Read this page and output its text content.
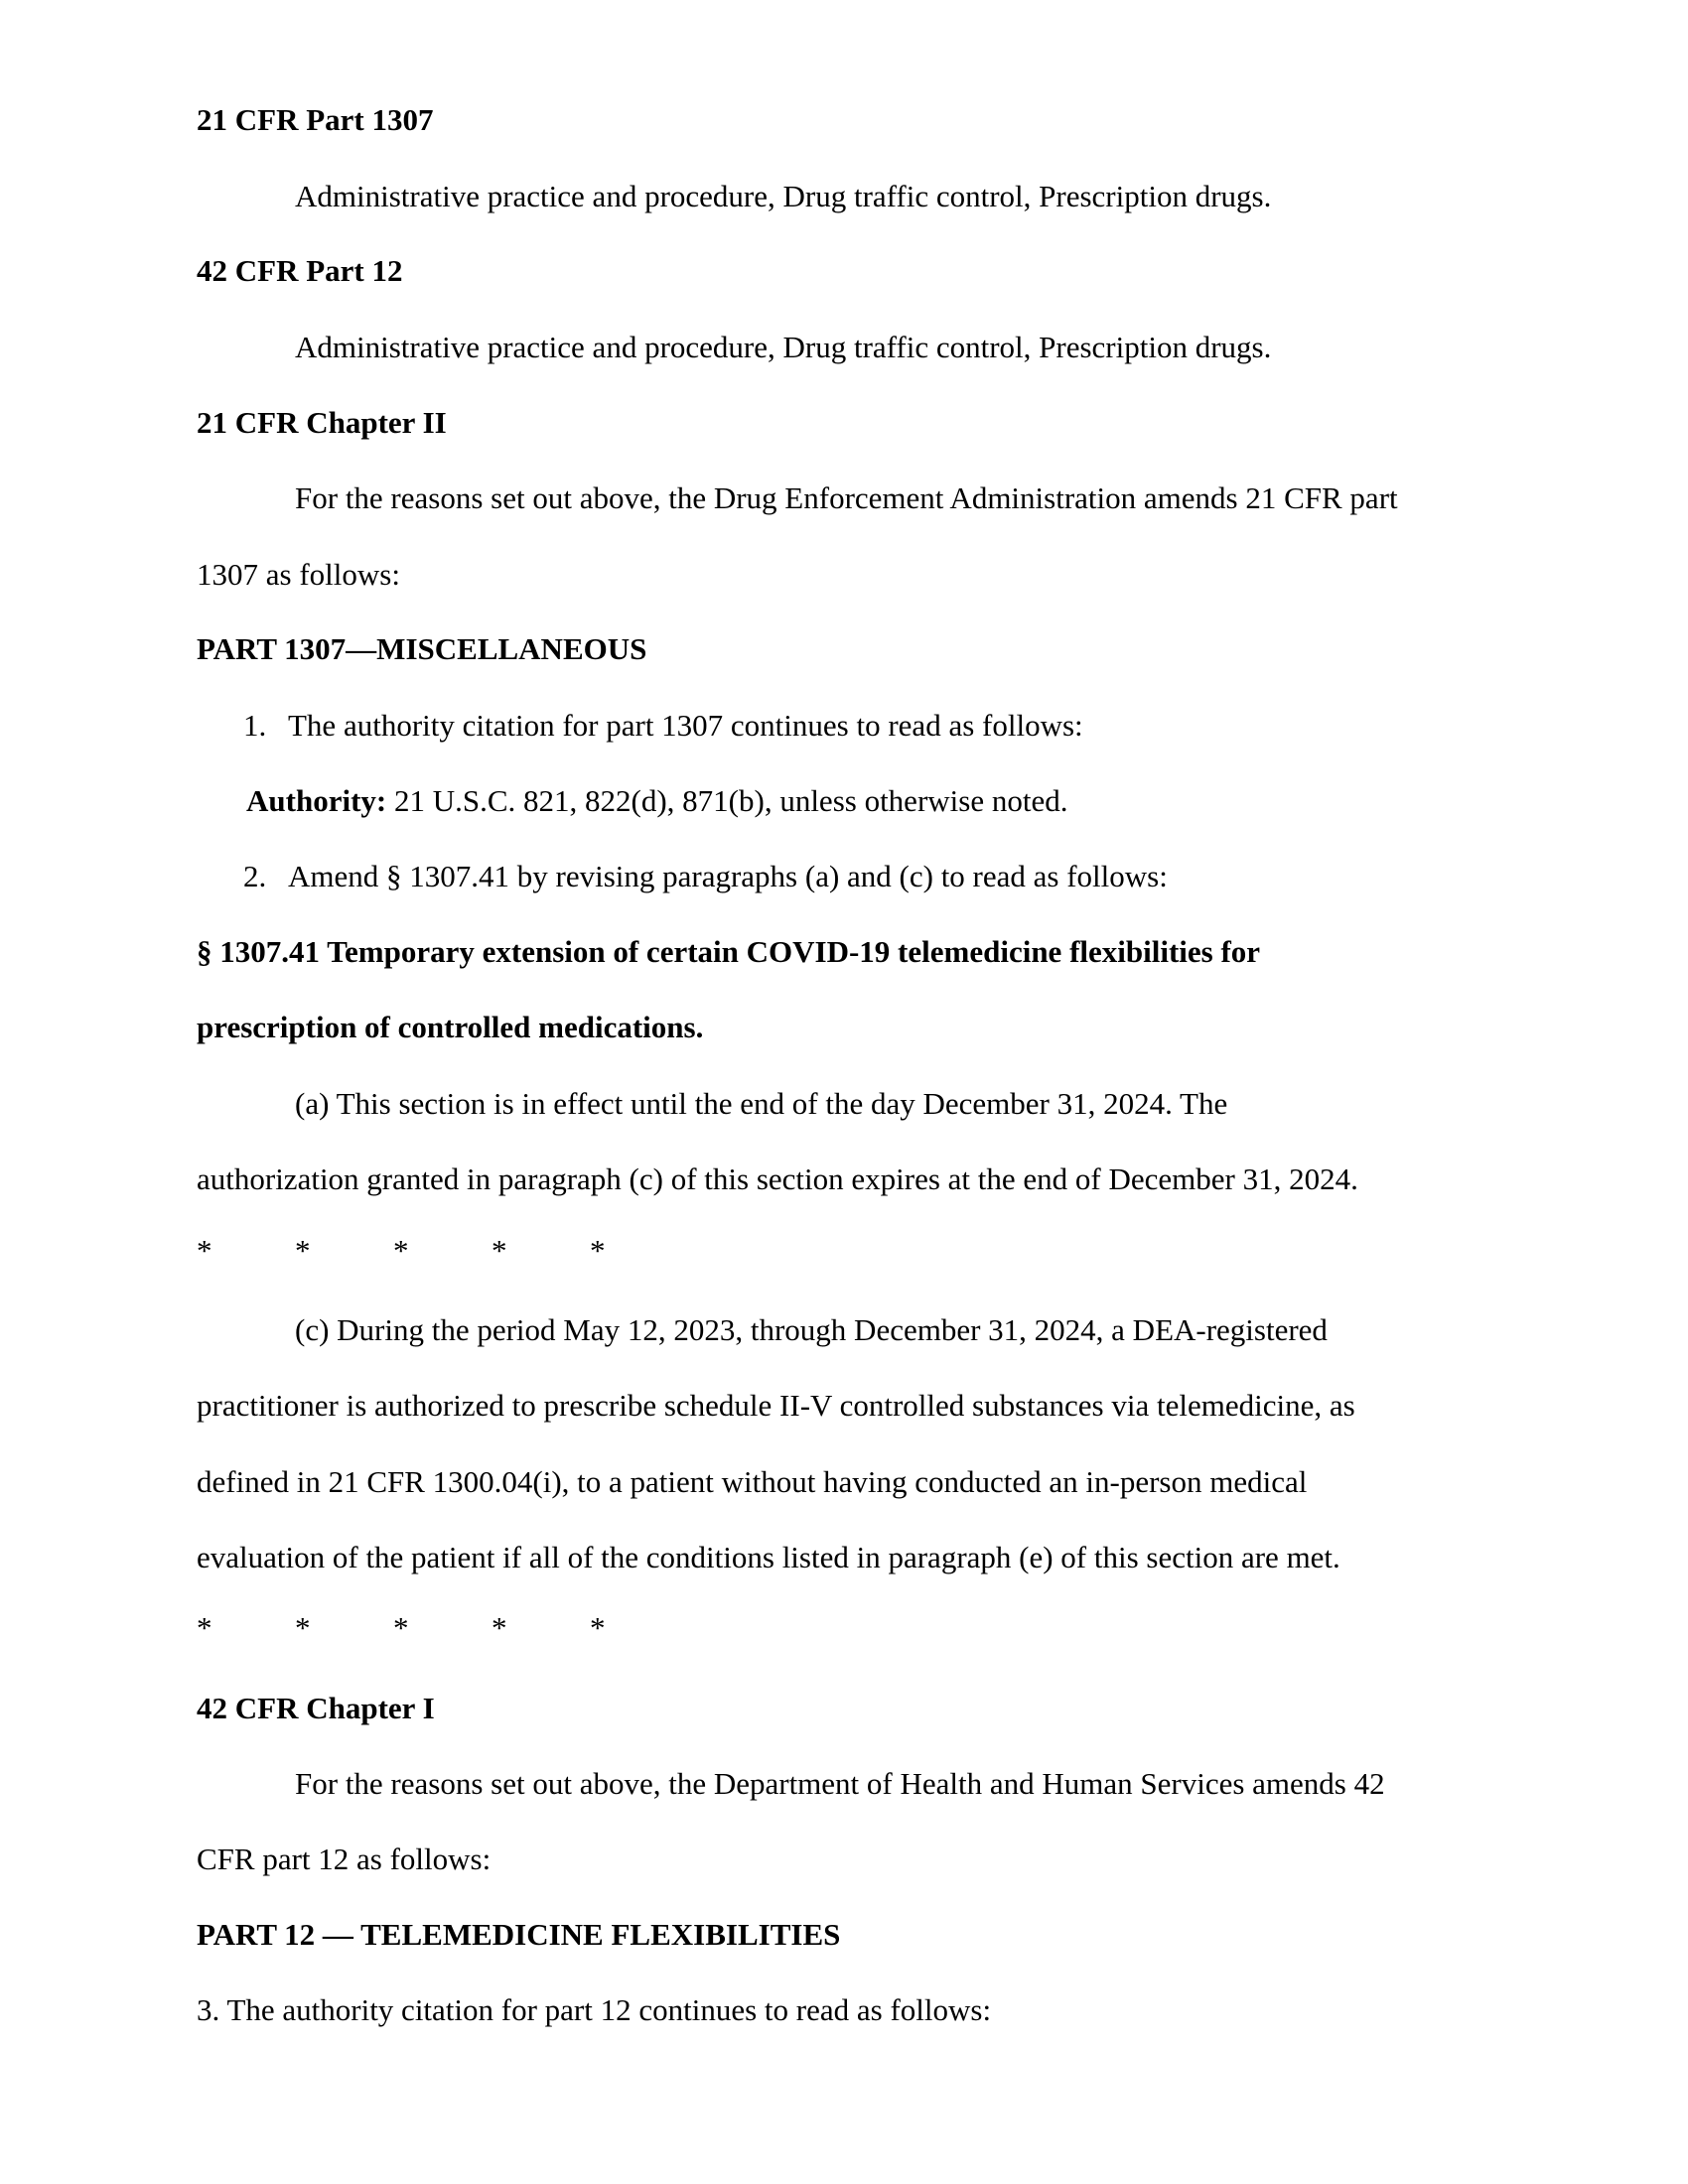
21 CFR Part 1307
Administrative practice and procedure, Drug traffic control, Prescription drugs.
42 CFR Part 12
Administrative practice and procedure, Drug traffic control, Prescription drugs.
21 CFR Chapter II
For the reasons set out above, the Drug Enforcement Administration amends 21 CFR part
1307 as follows:
PART 1307—MISCELLANEOUS
1. The authority citation for part 1307 continues to read as follows:
Authority: 21 U.S.C. 821, 822(d), 871(b), unless otherwise noted.
2. Amend § 1307.41 by revising paragraphs (a) and (c) to read as follows:
§ 1307.41 Temporary extension of certain COVID-19 telemedicine flexibilities for
prescription of controlled medications.
(a) This section is in effect until the end of the day December 31, 2024. The
authorization granted in paragraph (c) of this section expires at the end of December 31, 2024.
*	*	*	*	*
(c) During the period May 12, 2023, through December 31, 2024, a DEA-registered
practitioner is authorized to prescribe schedule II-V controlled substances via telemedicine, as
defined in 21 CFR 1300.04(i), to a patient without having conducted an in-person medical
evaluation of the patient if all of the conditions listed in paragraph (e) of this section are met.
*	*	*	*	*
42 CFR Chapter I
For the reasons set out above, the Department of Health and Human Services amends 42
CFR part 12 as follows:
PART 12 — TELEMEDICINE FLEXIBILITIES
3. The authority citation for part 12 continues to read as follows:
